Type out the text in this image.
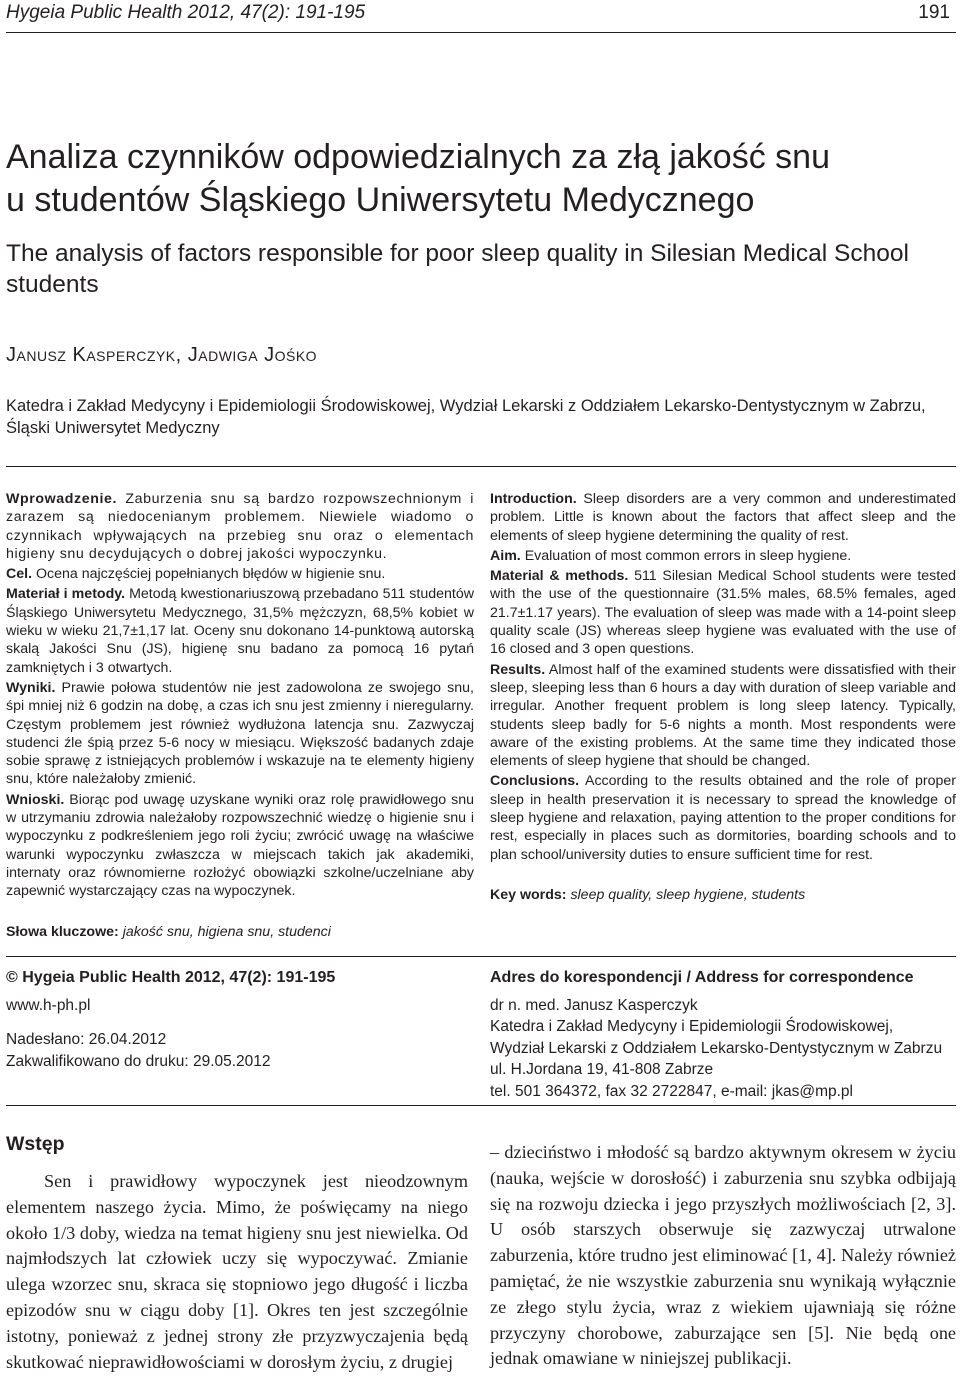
Hygeia Public Health 2012, 47(2): 191-195	191
Analiza czynników odpowiedzialnych za złą jakość snu
u studentów Śląskiego Uniwersytetu Medycznego
The analysis of factors responsible for poor sleep quality in Silesian Medical School students
Janusz Kasperczyk, Jadwiga Jośko
Katedra i Zakład Medycyny i Epidemiologii Środowiskowej, Wydział Lekarski z Oddziałem Lekarsko-Dentystycznym w Zabrzu, Śląski Uniwersytet Medyczny

Wprowadzenie. Zaburzenia snu są bardzo rozpowszechnionym i zarazem są niedocenianym problemem. Niewiele wiadomo o czynnikach wpływających na przebieg snu oraz o elementach higieny snu decydujących o dobrej jakości wypoczynku.

Cel. Ocena najczęściej popełnianych błędów w higienie snu.

Materiał i metody. Metodą kwestionariuszową przebadano 511 studentów Śląskiego Uniwersytetu Medycznego, 31,5% mężczyzn, 68,5% kobiet w wieku w wieku 21,7±1,17 lat. Oceny snu dokonano 14-punktową autorską skalą Jakości Snu (JS), higienę snu badano za pomocą 16 pytań zamkniętych i 3 otwartych.

Wyniki. Prawie połowa studentów nie jest zadowolona ze swojego snu, śpi mniej niż 6 godzin na dobę, a czas ich snu jest zmienny i nieregularny. Częstym problemem jest również wydłużona latencja snu. Zazwyczaj studenci źle śpią przez 5-6 nocy w miesiącu. Większość badanych zdaje sobie sprawę z istniejących problemów i wskazuje na te elementy higieny snu, które należałoby zmienić.

Wnioski. Biorąc pod uwagę uzyskane wyniki oraz rolę prawidłowego snu w utrzymaniu zdrowia należałoby rozpowszechnić wiedzę o higienie snu i wypoczynku z podkreśleniem jego roli życiu; zwrócić uwagę na właściwe warunki wypoczynku zwłaszcza w miejscach takich jak akademiki, internaty oraz równomierne rozłożyć obowiązki szkolne/uczelniane aby zapewnić wystarczający czas na wypoczynek.

Introduction. Sleep disorders are a very common and underestimated problem. Little is known about the factors that affect sleep and the elements of sleep hygiene determining the quality of rest.

Aim. Evaluation of most common errors in sleep hygiene.

Material & methods. 511 Silesian Medical School students were tested with the use of the questionnaire (31.5% males, 68.5% females, aged 21.7±1.17 years). The evaluation of sleep was made with a 14-point sleep quality scale (JS) whereas sleep hygiene was evaluated with the use of 16 closed and 3 open questions.

Results. Almost half of the examined students were dissatisfied with their sleep, sleeping less than 6 hours a day with duration of sleep variable and irregular. Another frequent problem is long sleep latency. Typically, students sleep badly for 5-6 nights a month. Most respondents were aware of the existing problems. At the same time they indicated those elements of sleep hygiene that should be changed.

Conclusions. According to the results obtained and the role of proper sleep in health preservation it is necessary to spread the knowledge of sleep hygiene and relaxation, paying attention to the proper conditions for rest, especially in places such as dormitories, boarding schools and to plan school/university duties to ensure sufficient time for rest.

Key words: sleep quality, sleep hygiene, students
Słowa kluczowe: jakość snu, higiena snu, studenci
© Hygeia Public Health 2012, 47(2): 191-195
www.h-ph.pl
Nadesłano: 26.04.2012
Zakwalifikowano do druku: 29.05.2012
Adres do korespondencji / Address for correspondence
dr n. med. Janusz Kasperczyk
Katedra i Zakład Medycyny i Epidemiologii Środowiskowej,
Wydział Lekarski z Oddziałem Lekarsko-Dentystycznym w Zabrzu
ul. H.Jordana 19, 41-808 Zabrze
tel. 501 364372, fax 32 2722847, e-mail: jkas@mp.pl
Wstęp
Sen i prawidłowy wypoczynek jest nieodzownym elementem naszego życia. Mimo, że poświęcamy na niego około 1/3 doby, wiedza na temat higieny snu jest niewielka. Od najmłodszych lat człowiek uczy się wypoczywać. Zmianie ulega wzorzec snu, skraca się stopniowo jego długość i liczba epizodów snu w ciągu doby [1]. Okres ten jest szczególnie istotny, ponieważ z jednej strony złe przyzwyczajenia będą skutkować nieprawidłowościami w dorosłym życiu, z drugiej
– dzieciństwo i młodość są bardzo aktywnym okresem w życiu (nauka, wejście w dorosłość) i zaburzenia snu szybka odbijają się na rozwoju dziecka i jego przyszłych możliwościach [2, 3]. U osób starszych obserwuje się zazwyczaj utrwalone zaburzenia, które trudno jest eliminować [1, 4]. Należy również pamiętać, że nie wszystkie zaburzenia snu wynikają wyłącznie ze złego stylu życia, wraz z wiekiem ujawniają się różne przyczyny chorobowe, zaburzające sen [5]. Nie będą one jednak omawiane w niniejszej publikacji.
